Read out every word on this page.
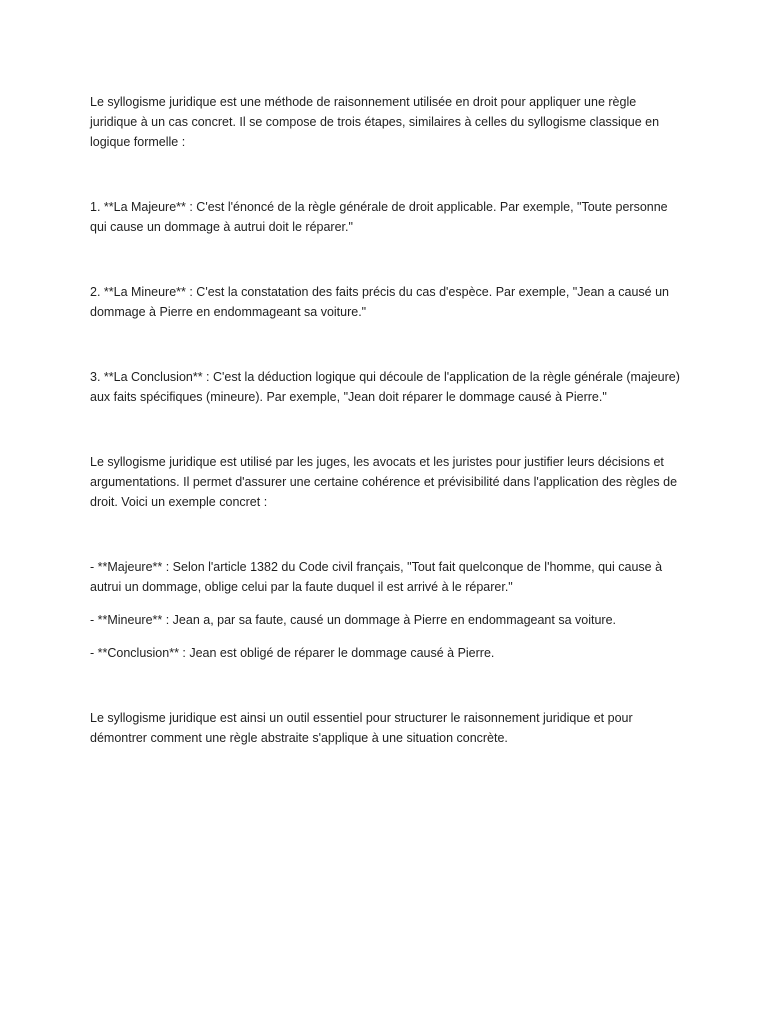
Le syllogisme juridique est une méthode de raisonnement utilisée en droit pour appliquer une règle juridique à un cas concret. Il se compose de trois étapes, similaires à celles du syllogisme classique en logique formelle :

1. **La Majeure** : C'est l'énoncé de la règle générale de droit applicable. Par exemple, "Toute personne qui cause un dommage à autrui doit le réparer."

2. **La Mineure** : C'est la constatation des faits précis du cas d'espèce. Par exemple, "Jean a causé un dommage à Pierre en endommageant sa voiture."

3. **La Conclusion** : C'est la déduction logique qui découle de l'application de la règle générale (majeure) aux faits spécifiques (mineure). Par exemple, "Jean doit réparer le dommage causé à Pierre."

Le syllogisme juridique est utilisé par les juges, les avocats et les juristes pour justifier leurs décisions et argumentations. Il permet d'assurer une certaine cohérence et prévisibilité dans l'application des règles de droit. Voici un exemple concret :

- **Majeure** : Selon l'article 1382 du Code civil français, "Tout fait quelconque de l'homme, qui cause à autrui un dommage, oblige celui par la faute duquel il est arrivé à le réparer."

- **Mineure** : Jean a, par sa faute, causé un dommage à Pierre en endommageant sa voiture.

- **Conclusion** : Jean est obligé de réparer le dommage causé à Pierre.

Le syllogisme juridique est ainsi un outil essentiel pour structurer le raisonnement juridique et pour démontrer comment une règle abstraite s'applique à une situation concrète.
